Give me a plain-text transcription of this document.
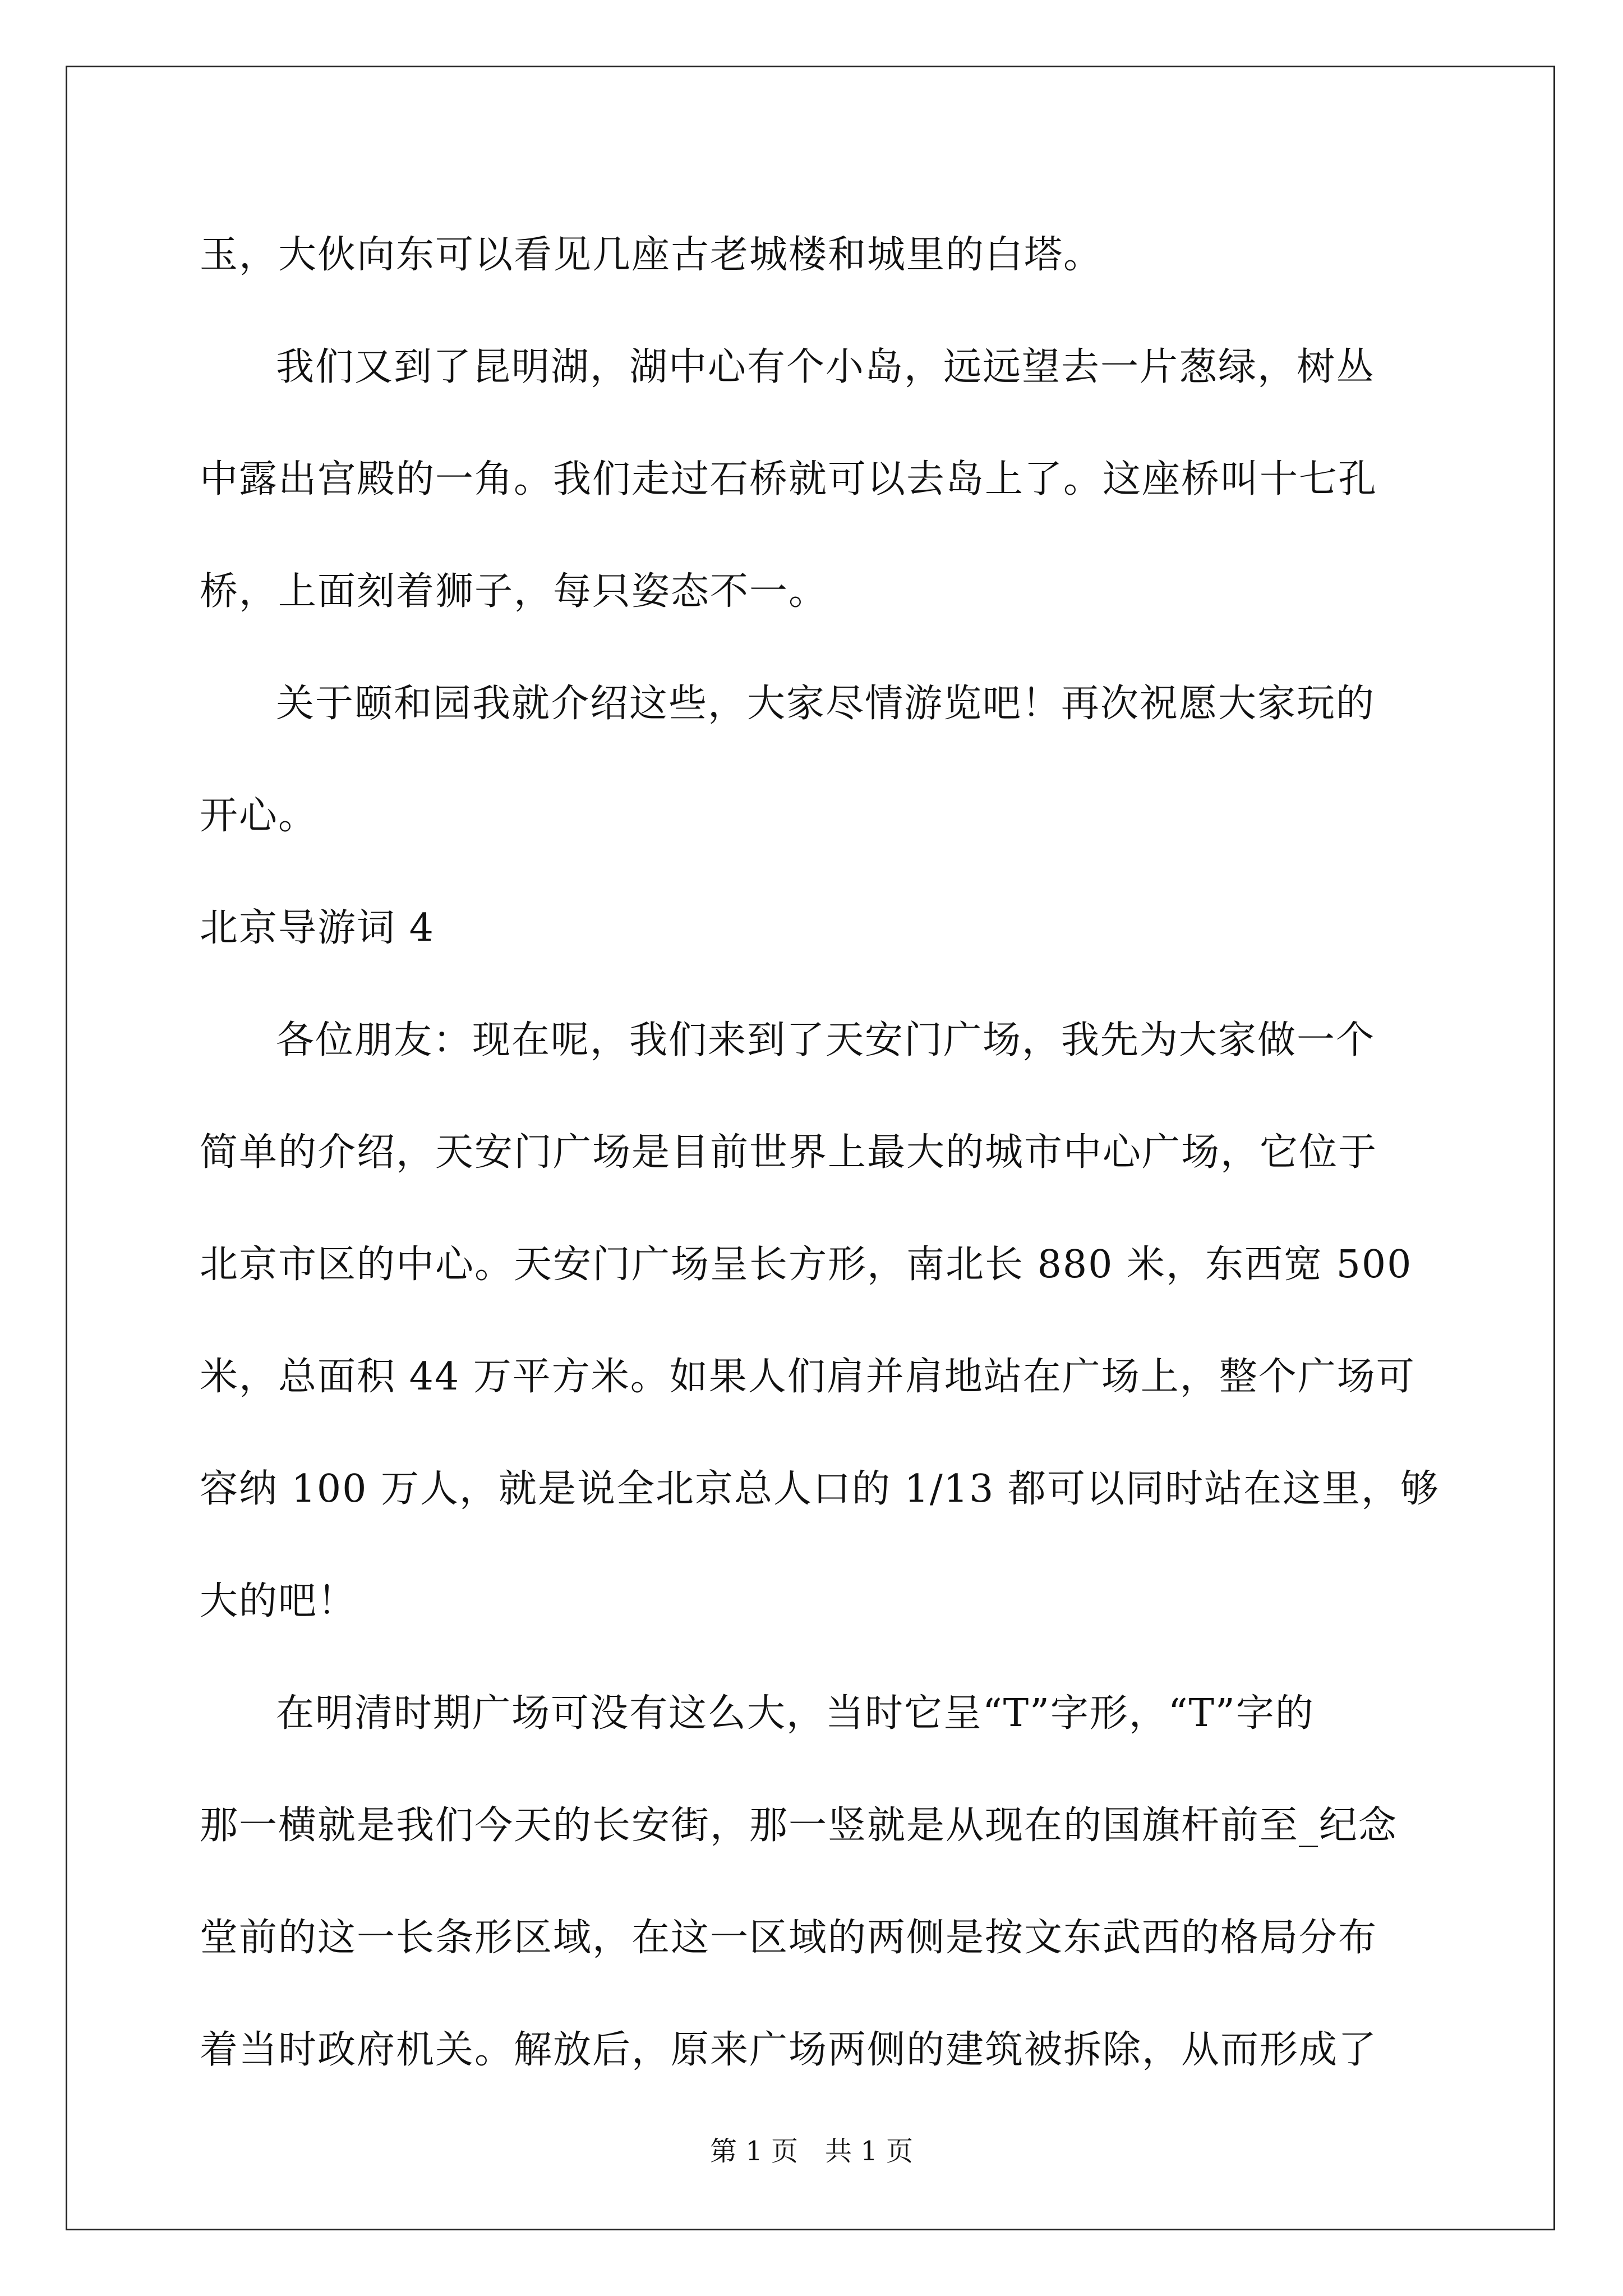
玉，大伙向东可以看见几座古老城楼和城里的白塔。
我们又到了昆明湖，湖中心有个小岛，远远望去一片葱绿，树丛
中露出宫殿的一角。我们走过石桥就可以去岛上了。这座桥叫十七孔
桥，上面刻着狮子，每只姿态不一。
关于颐和园我就介绍这些，大家尽情游览吧！再次祝愿大家玩的
开心。
北京导游词 4
各位朋友：现在呢，我们来到了天安门广场，我先为大家做一个
简单的介绍，天安门广场是目前世界上最大的城市中心广场，它位于
北京市区的中心。天安门广场呈长方形，南北长 880 米，东西宽 500
米，总面积 44 万平方米。如果人们肩并肩地站在广场上，整个广场可
容纳 100 万人，就是说全北京总人口的 1/13 都可以同时站在这里，够
大的吧！
在明清时期广场可没有这么大，当时它呈“T”字形，“T”字的
那一横就是我们今天的长安街，那一竖就是从现在的国旗杆前至_纪念
堂前的这一长条形区域，在这一区域的两侧是按文东武西的格局分布
着当时政府机关。解放后，原来广场两侧的建筑被拆除，从而形成了
第 1 页　共 1 页
